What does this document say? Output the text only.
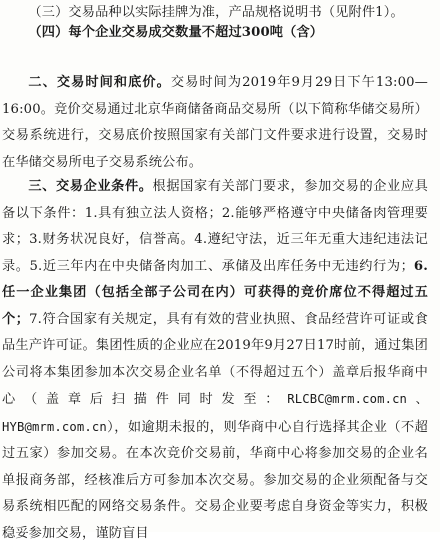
（三）交易品种以实际挂牌为准，产品规格说明书（见附件1）。

（四）每个企业交易成交数量不超过300吨（含）

二、交易时间和底价。交易时间为2019年9月29日下午13:00—16:00。竞价交易通过北京华商储备商品交易所（以下简称华储交易所）交易系统进行，交易底价按照国家有关部门文件要求进行设置，交易时在华储交易所电子交易系统公布。

三、交易企业条件。根据国家有关部门要求，参加交易的企业应具备以下条件：1.具有独立法人资格；2.能够严格遵守中央储备肉管理要求；3.财务状况良好，信誉高。4.遵纪守法，近三年无重大违纪违法记录。5.近三年内在中央储备肉加工、承储及出库任务中无违约行为；6.任一企业集团（包括全部子公司在内）可获得的竞价席位不得超过五个；7.符合国家有关规定，具有有效的营业执照、食品经营许可证或食品生产许可证。集团性质的企业应在2019年9月27日17时前，通过集团公司将本集团参加本次交易企业名单（不得超过五个）盖章后报华商中心（盖章后扫描件同时发至：RLCBC@mrm.com.cn、HYB@mrm.com.cn），如逾期未报的，则华商中心自行选择其企业（不超过五家）参加交易。在本次竞价交易前，华商中心将参加交易的企业名单报商务部，经核准后方可参加本次交易。参加交易的企业须配备与交易系统相匹配的网络交易条件。交易企业要考虑自身资金等实力，积极稳妥参加交易，谨防盲目
